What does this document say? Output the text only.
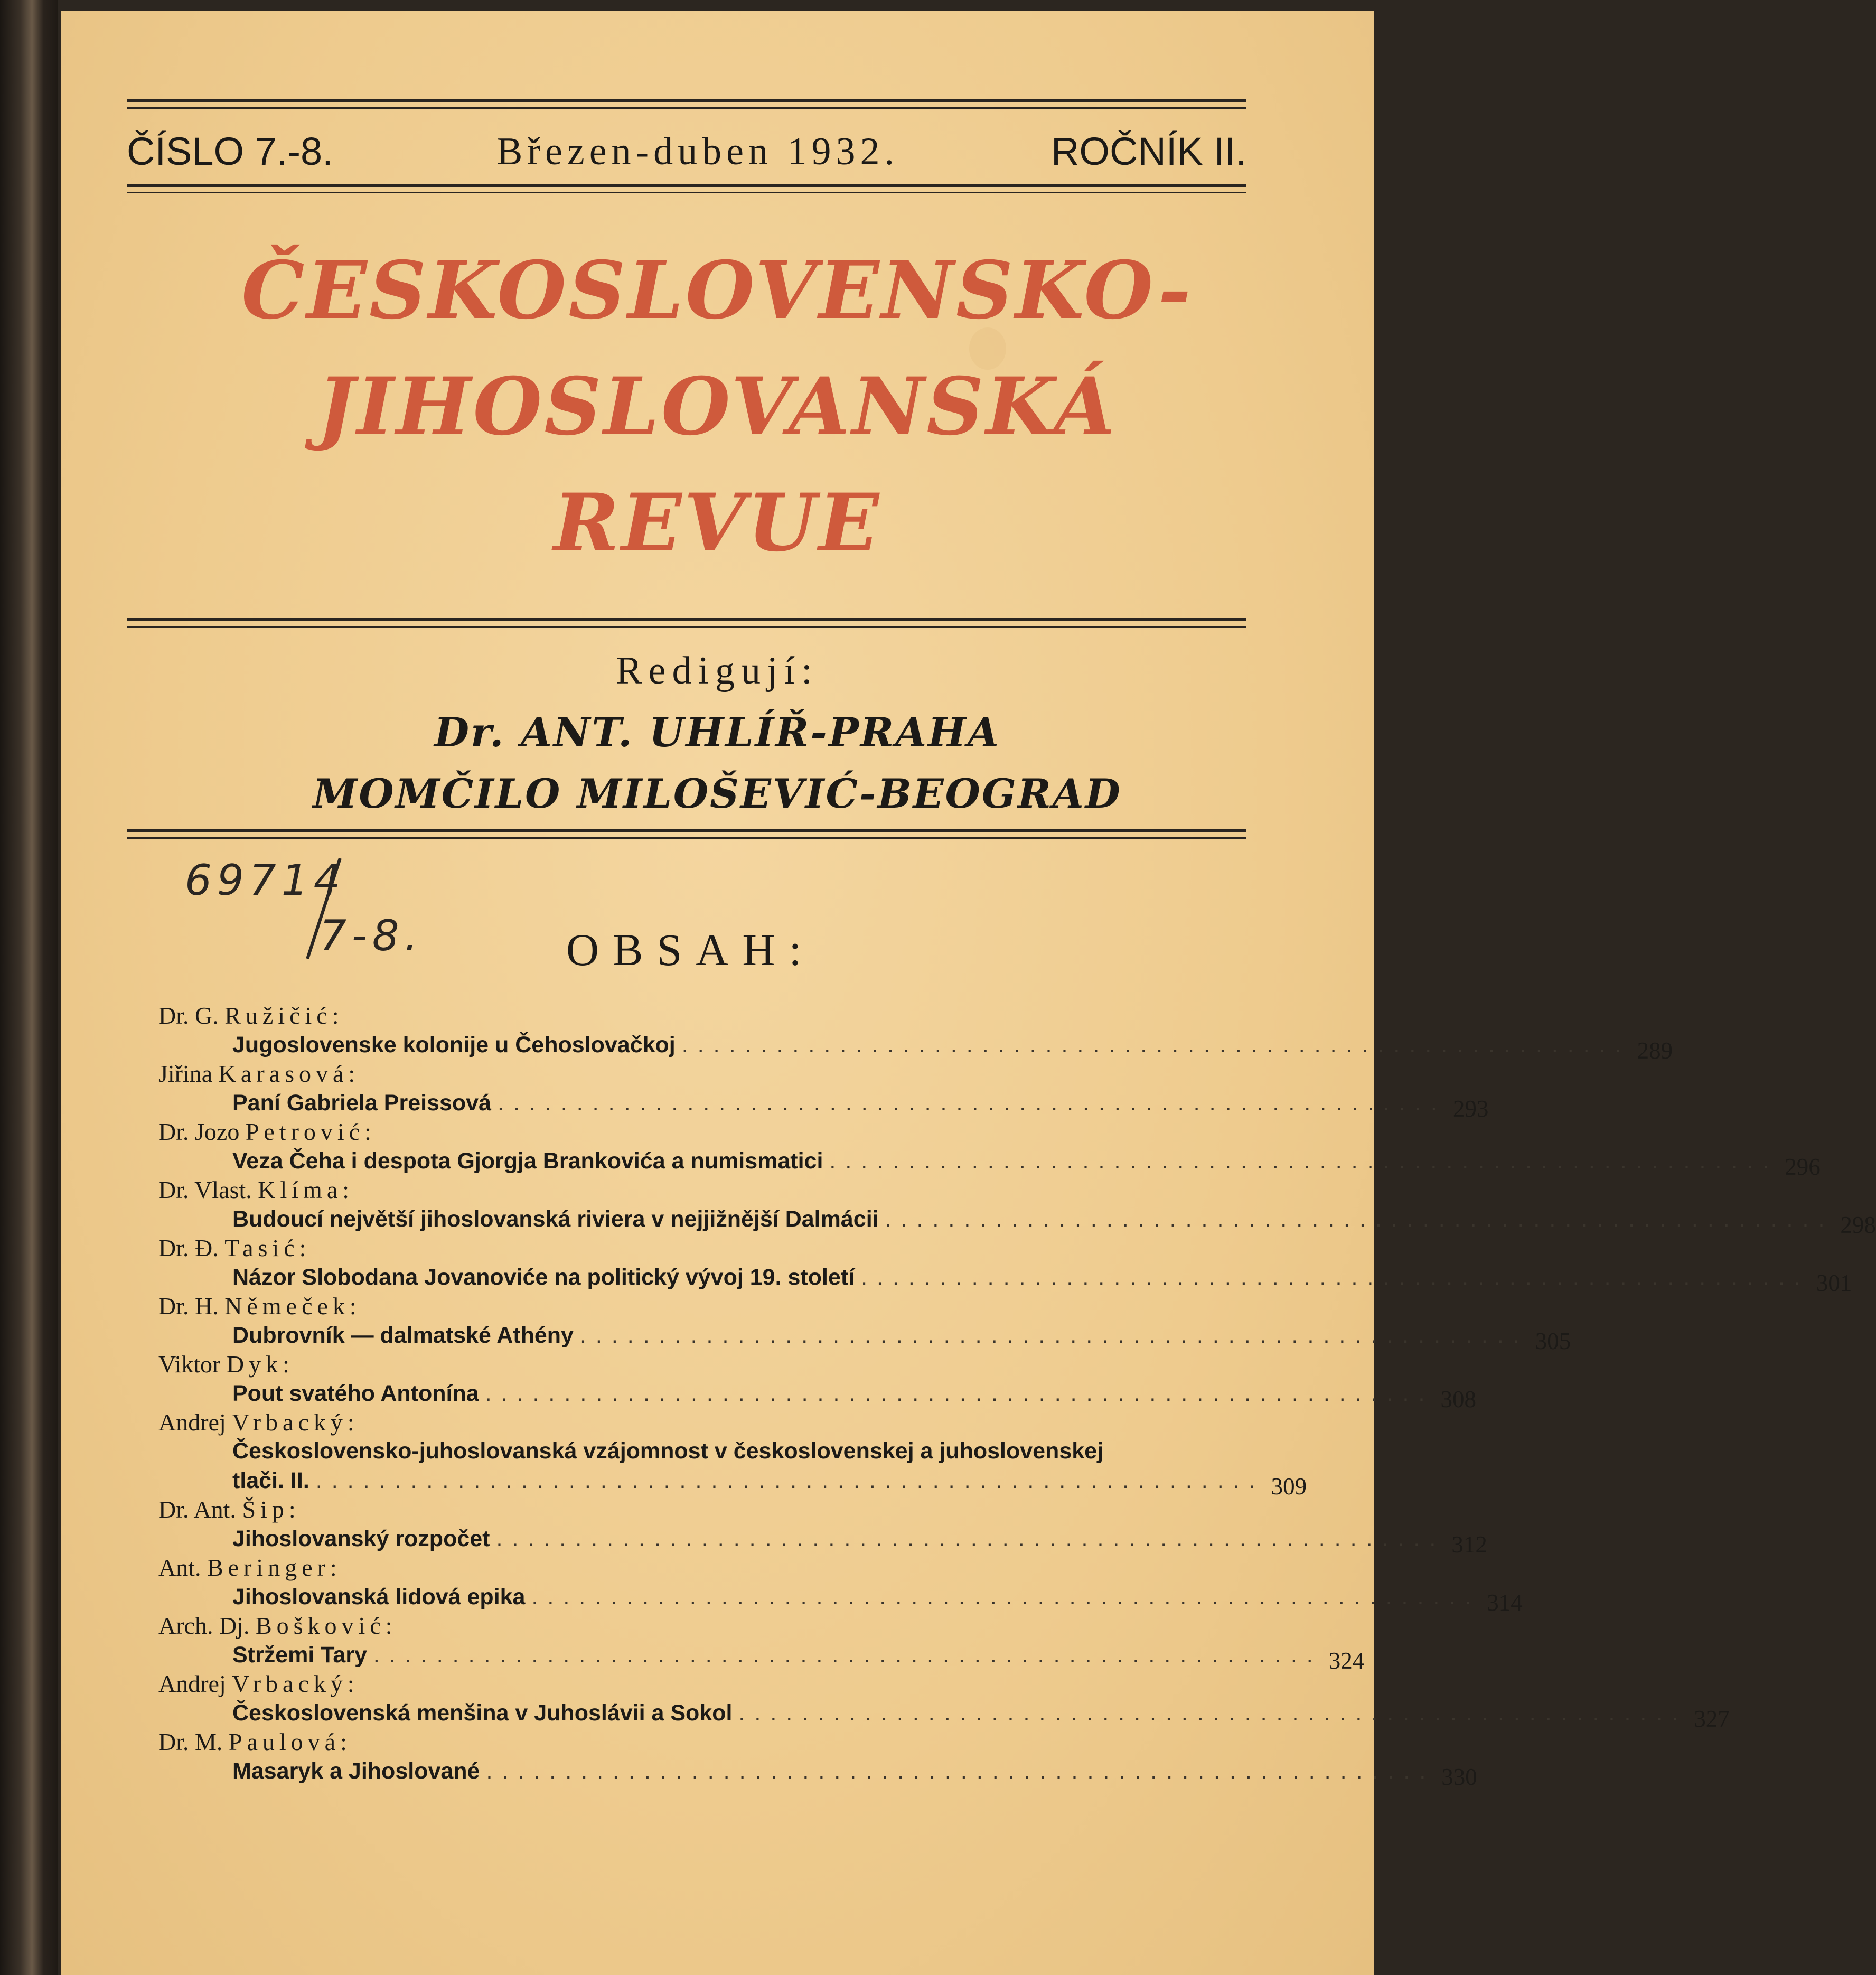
ČÍSLO 7.-8.	Březen-duben 1932.	ROČNÍK II.
ČESKOSLOVENSKO-
JIHOSLOVANSKÁ
REVUE
Redigují:
Dr. ANT. UHLÍŘ-PRAHA
MOMČILO MILOŠEVIĆ-BEOGRAD
69714
7-8.	OBSAH:
Dr. G. Ružičić:
Jugoslovenske kolonije u Čehoslovačkoj ............................................................ 289
Jiřina Karasová:
Paní Gabriela Preissová ............................................................ 293
Dr. Jozo Petrović:
Veza Čeha i despota Gjorgja Brankovića a numismatici ............................................................ 296
Dr. Vlast. Klíma:
Budoucí největší jihoslovanská riviera v nejjižnější Dalmácii ............................................................ 298
Dr. Đ. Tasić:
Názor Slobodana Jovanoviće na politický vývoj 19. století ............................................................ 301
Dr. H. Němeček:
Dubrovník — dalmatské Athény ............................................................ 305
Viktor Dyk:
Pout svatého Antonína ............................................................ 308
Andrej Vrbacký:
Československo-juhoslovanská vzájomnost v československej a juhoslovenskej
tlači. II. ............................................................ 309
Dr. Ant. Šip:
Jihoslovanský rozpočet ............................................................ 312
Ant. Beringer:
Jihoslovanská lidová epika ............................................................ 314
Arch. Dj. Bošković:
Stržemi Tary ............................................................ 324
Andrej Vrbacký:
Československá menšina v Juhoslávii a Sokol ............................................................ 327
Dr. M. Paulová:
Masaryk a Jihoslované ............................................................ 330
